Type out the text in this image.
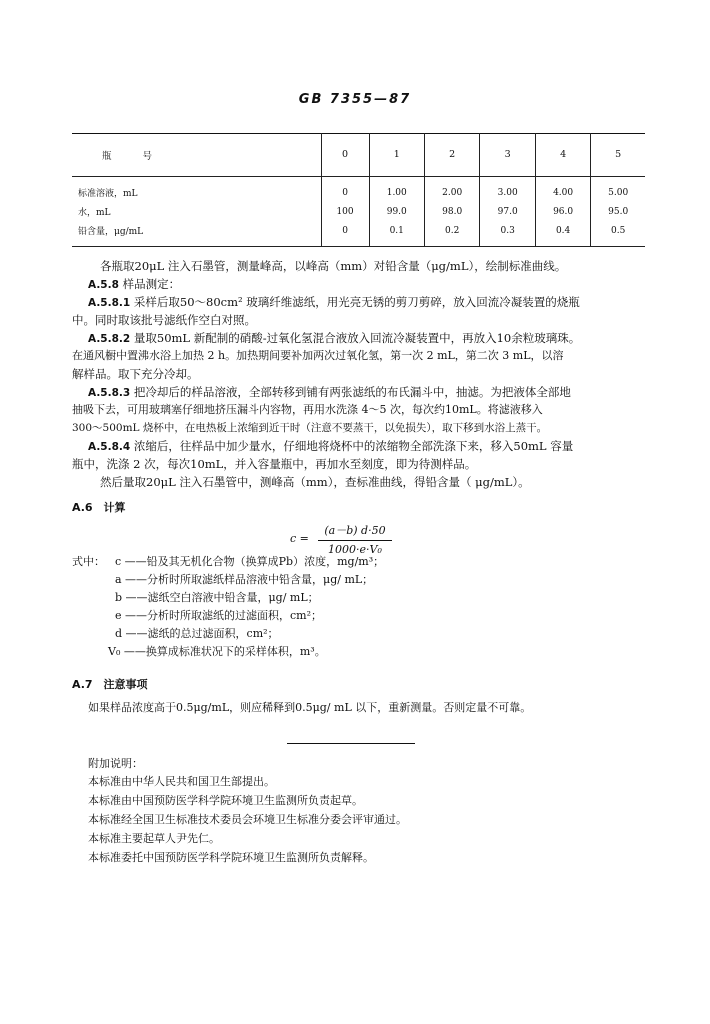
GB 7355—87
瓶 号	0	1	2	3	4	5
标准溶液，mL	0	1.00	2.00	3.00	4.00	5.00
水，mL	100	99.0	98.0	97.0	96.0	95.0
铅含量，μg/mL	0	0.1	0.2	0.3	0.4	0.5
各瓶取20μL 注入石墨管，测量峰高，以峰高（mm）对铅含量（μg/mL），绘制标准曲线。
A.5.8 样品测定：
A.5.8.1 采样后取50～80cm² 玻璃纤维滤纸，用光亮无锈的剪刀剪碎，放入回流冷凝装置的烧瓶
中。同时取该批号滤纸作空白对照。
A.5.8.2 量取50mL 新配制的硝酸-过氧化氢混合液放入回流冷凝装置中，再放入10余粒玻璃珠。
在通风橱中置沸水浴上加热 2 h。加热期间要补加两次过氧化氢，第一次 2 mL，第二次 3 mL，以溶
解样品。取下充分冷却。
A.5.8.3 把冷却后的样品溶液，全部转移到铺有两张滤纸的布氏漏斗中，抽滤。为把液体全部地
抽吸下去，可用玻璃塞仔细地挤压漏斗内容物，再用水洗涤 4～5 次，每次约10mL。将滤液移入
300～500mL 烧杯中，在电热板上浓缩到近干时（注意不要蒸干，以免损失），取下移到水浴上蒸干。
A.5.8.4 浓缩后，往样品中加少量水，仔细地将烧杯中的浓缩物全部洗涤下来，移入50mL 容量
瓶中，洗涤 2 次，每次10mL，并入容量瓶中，再加水至刻度，即为待测样品。
然后量取20μL 注入石墨管中，测峰高（mm），查标准曲线，得铅含量（ μg/mL）。
A.6 计算
$c = \frac{(a-b) d\cdot 50}{\text{1000·e·V₀}}$
式中： c ——铅及其无机化合物（换算成Pb）浓度，mg/m³；
a ——分析时所取滤纸样品溶液中铅含量，μg/ mL；
b ——滤纸空白溶液中铅含量，μg/ mL；
e ——分析时所取滤纸的过滤面积，cm²；
d ——滤纸的总过滤面积，cm²；
V₀ ——换算成标准状况下的采样体积，m³。
A.7 注意事项
如果样品浓度高于0.5μg/mL，则应稀释到0.5μg/ mL 以下，重新测量。否则定量不可靠。
附加说明：
本标准由中华人民共和国卫生部提出。
本标准由中国预防医学科学院环境卫生监测所负责起草。
本标准经全国卫生标准技术委员会环境卫生标准分委会评审通过。
本标准主要起草人尹先仁。
本标准委托中国预防医学科学院环境卫生监测所负责解释。
